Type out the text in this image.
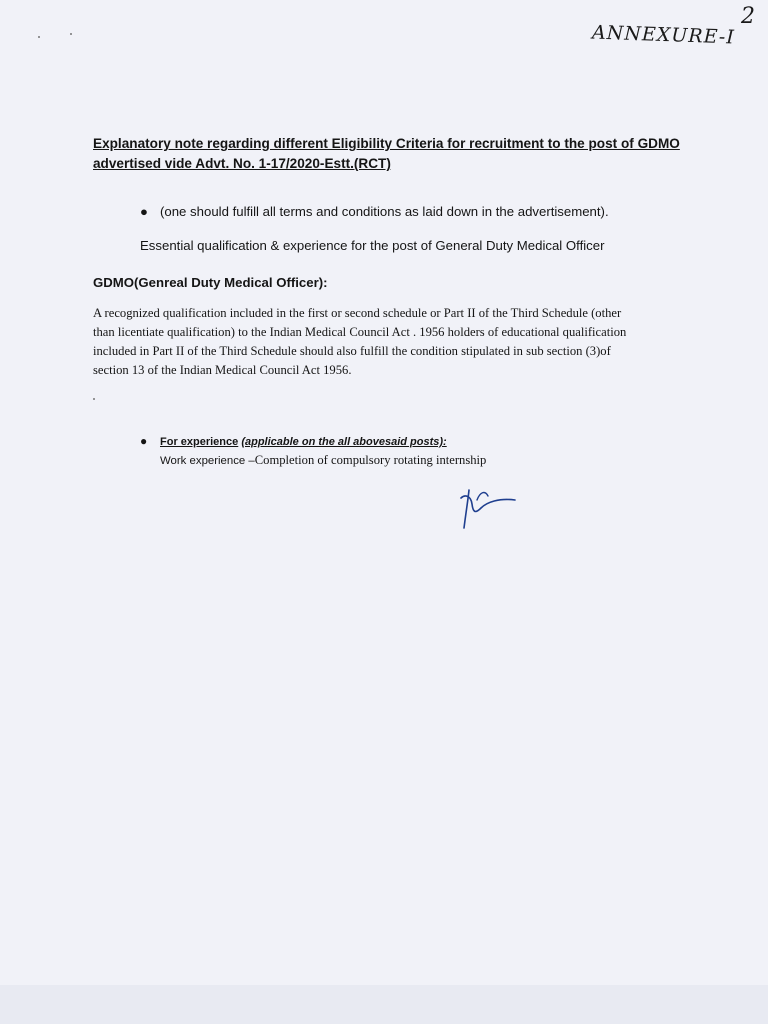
2
ANNEXURE-I
Explanatory note regarding different Eligibility Criteria for recruitment to the post of GDMO
advertised vide Advt. No. 1-17/2020-Estt.(RCT)
● (one should fulfill all terms and conditions as laid down in the advertisement).
Essential qualification & experience for the post of General Duty Medical Officer
GDMO(Genreal Duty Medical Officer):
A recognized qualification included in the first or second schedule or Part II of the Third Schedule (other
than licentiate qualification) to the Indian Medical Council Act . 1956 holders of educational qualification
included in Part II of the Third Schedule should also fulfill the condition stipulated in sub section (3)of
section 13 of the Indian Medical Council Act 1956.
● For experience (applicable on the all abovesaid posts):
Work experience –Completion of compulsory rotating internship
